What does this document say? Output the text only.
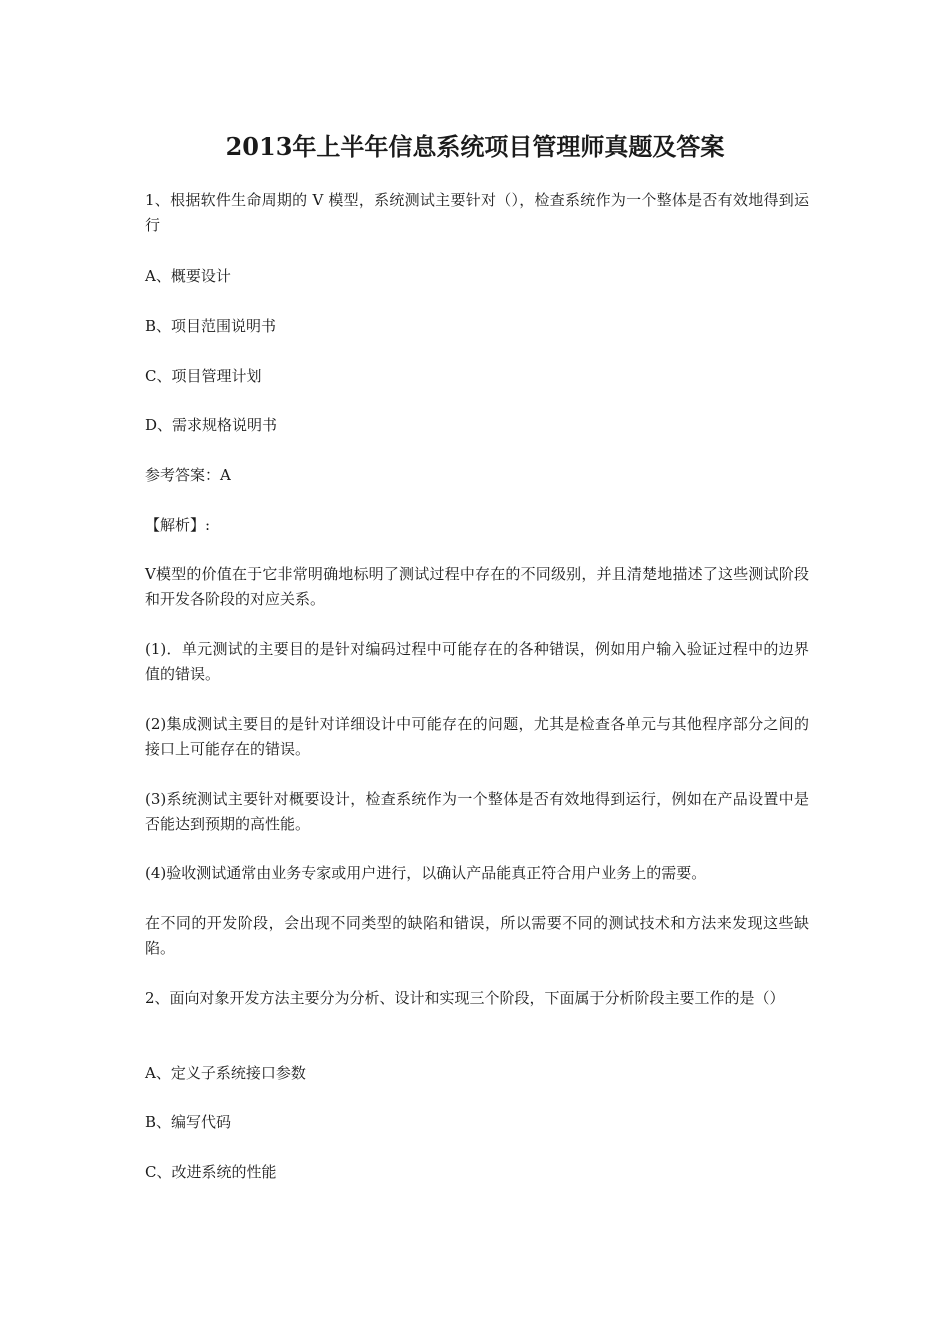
2013年上半年信息系统项目管理师真题及答案

1、根据软件生命周期的 V 模型，系统测试主要针对（），检查系统作为一个整体是否有效地得到运行

A、概要设计

B、项目范围说明书

C、项目管理计划

D、需求规格说明书

参考答案：A

【解析】:

V模型的价值在于它非常明确地标明了测试过程中存在的不同级别，并且清楚地描述了这些测试阶段和开发各阶段的对应关系。

(1)．单元测试的主要目的是针对编码过程中可能存在的各种错误，例如用户输入验证过程中的边界值的错误。

(2)集成测试主要目的是针对详细设计中可能存在的问题，尤其是检查各单元与其他程序部分之间的接口上可能存在的错误。

(3)系统测试主要针对概要设计，检查系统作为一个整体是否有效地得到运行，例如在产品设置中是否能达到预期的高性能。

(4)验收测试通常由业务专家或用户进行，以确认产品能真正符合用户业务上的需要。

在不同的开发阶段，会出现不同类型的缺陷和错误，所以需要不同的测试技术和方法来发现这些缺陷。

2、面向对象开发方法主要分为分析、设计和实现三个阶段，下面属于分析阶段主要工作的是（）

A、定义子系统接口参数

B、编写代码

C、改进系统的性能
